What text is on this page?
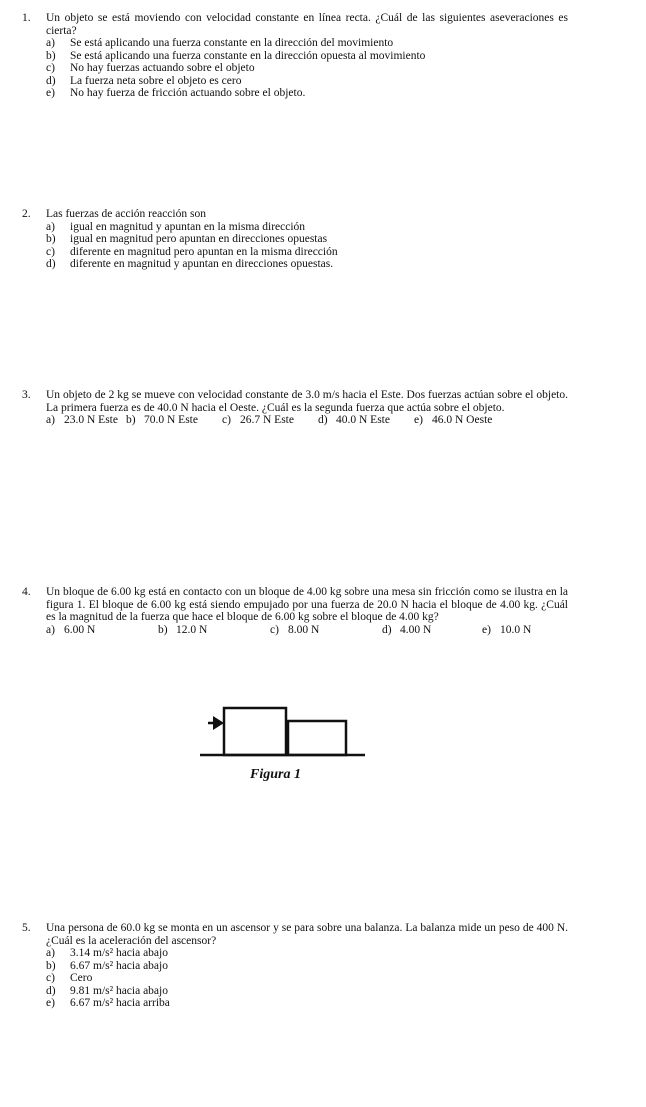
1.	Un objeto se está moviendo con velocidad constante en línea recta. ¿Cuál de las siguientes aseveraciones es cierta?
a)	Se está aplicando una fuerza constante en la dirección del movimiento
b)	Se está aplicando una fuerza constante en la dirección opuesta al movimiento
c)	No hay fuerzas actuando sobre el objeto
d)	La fuerza neta sobre el objeto es cero
e)	No hay fuerza de fricción actuando sobre el objeto.
2.	Las fuerzas de acción reacción son
a)	igual en magnitud y apuntan en la misma dirección
b)	igual en magnitud pero apuntan en direcciones opuestas
c)	diferente en magnitud pero apuntan en la misma dirección
d)	diferente en magnitud y apuntan en direcciones opuestas.
3.	Un objeto de 2 kg se mueve con velocidad constante de 3.0 m/s hacia el Este. Dos fuerzas actúan sobre el objeto. La primera fuerza es de 40.0 N hacia el Oeste. ¿Cuál es la segunda fuerza que actúa sobre el objeto.
a) 23.0 N Este b) 70.0 N Este c) 26.7 N Este d) 40.0 N Este e) 46.0 N Oeste
4.	Un bloque de 6.00 kg está en contacto con un bloque de 4.00 kg sobre una mesa sin fricción como se ilustra en la figura 1. El bloque de 6.00 kg está siendo empujado por una fuerza de 20.0 N hacia el bloque de 4.00 kg. ¿Cuál es la magnitud de la fuerza que hace el bloque de 6.00 kg sobre el bloque de 4.00 kg?
a) 6.00 N	b) 12.0 N	c) 8.00 N	d) 4.00 N	e) 10.0 N
Figura 1
5.	Una persona de 60.0 kg se monta en un ascensor y se para sobre una balanza. La balanza mide un peso de 400 N. ¿Cuál es la aceleración del ascensor?
a)	3.14 m/s² hacia abajo
b)	6.67 m/s² hacia abajo
c)	Cero
d)	9.81 m/s² hacia abajo
e)	6.67 m/s² hacia arriba
